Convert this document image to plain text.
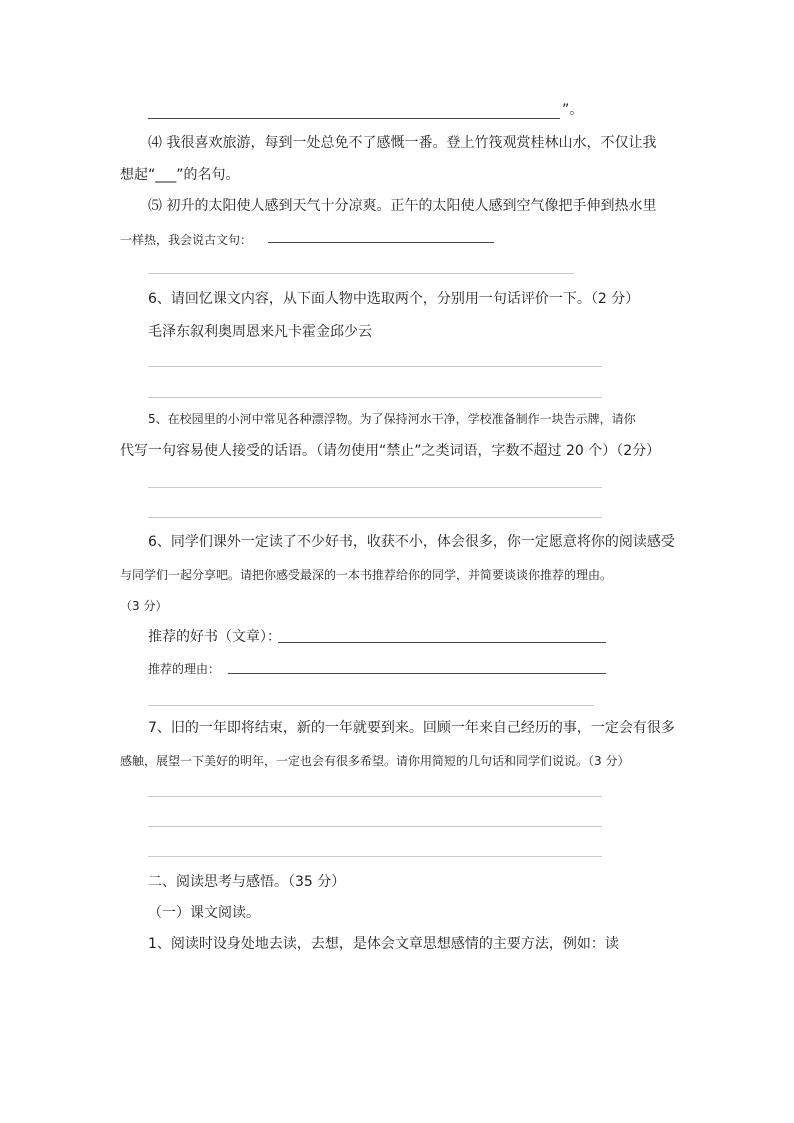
”。
⑷ 我很喜欢旅游，每到一处总免不了感慨一番。登上竹筏观赏桂林山水，不仅让我
想起“___”的名句。
⑸ 初升的太阳使人感到天气十分凉爽。正午的太阳使人感到空气像把手伸到热水里
一样热，我会说古文句：
6、请回忆课文内容，从下面人物中选取两个，分别用一句话评价一下。（2 分）
毛泽东叙利奥周恩来凡卡霍金邱少云
5、在校园里的小河中常见各种漂浮物。为了保持河水干净，学校准备制作一块告示牌，请你
代写一句容易使人接受的话语。（请勿使用“禁止”之类词语，字数不超过 20 个）（2分）
6、同学们课外一定读了不少好书，收获不小，体会很多，你一定愿意将你的阅读感受
与同学们一起分享吧。请把你感受最深的一本书推荐给你的同学，并简要谈谈你推荐的理由。
（3 分）
推荐的好书（文章）：
推荐的理由：
7、旧的一年即将结束，新的一年就要到来。回顾一年来自己经历的事，一定会有很多
感触，展望一下美好的明年，一定也会有很多希望。请你用简短的几句话和同学们说说。（3 分）
二、阅读思考与感悟。（35 分）
（一）课文阅读。
1、阅读时设身处地去读，去想，是体会文章思想感情的主要方法，例如：读
